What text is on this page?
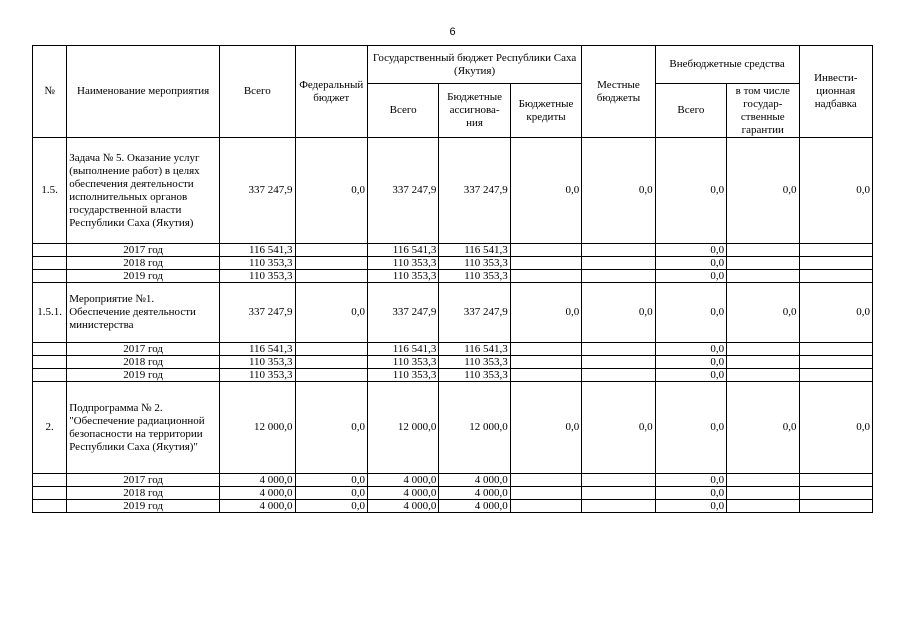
6
№	Наименование мероприятия	Всего	Федеральный бюджет	Государственный бюджет Республики Саха (Якутия)			Местные бюджеты	Внебюджетные средства		Инвести-ционная надбавка
				Всего	Бюджетные ассигнова-ния	Бюджетные кредиты		Всего	в том числе государ-ственные гарантии	
1.5.	Задача № 5. Оказание услуг (выполнение работ) в целях обеспечения деятельности исполнительных органов государственной власти Республики Саха (Якутия)	337 247,9	0,0	337 247,9	337 247,9	0,0	0,0	0,0	0,0	0,0
	2017 год	116 541,3		116 541,3	116 541,3			0,0		
	2018 год	110 353,3		110 353,3	110 353,3			0,0		
	2019 год	110 353,3		110 353,3	110 353,3			0,0		
1.5.1.	Мероприятие №1. Обеспечение деятельности министерства	337 247,9	0,0	337 247,9	337 247,9	0,0	0,0	0,0	0,0	0,0
	2017 год	116 541,3		116 541,3	116 541,3			0,0		
	2018 год	110 353,3		110 353,3	110 353,3			0,0		
	2019 год	110 353,3		110 353,3	110 353,3			0,0		
2.	Подпрограмма № 2. "Обеспечение радиационной безопасности на территории Республики Саха (Якутия)"	12 000,0	0,0	12 000,0	12 000,0	0,0	0,0	0,0	0,0	0,0
	2017 год	4 000,0	0,0	4 000,0	4 000,0			0,0		
	2018 год	4 000,0	0,0	4 000,0	4 000,0			0,0		
	2019 год	4 000,0	0,0	4 000,0	4 000,0			0,0		
